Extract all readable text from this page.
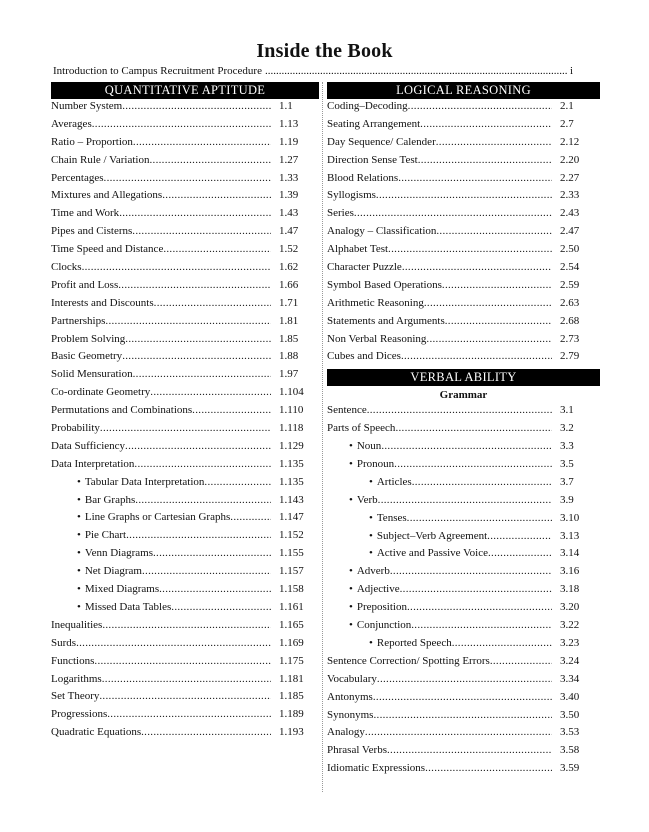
Inside the Book
Introduction to Campus Recruitment Procedure .....	i
QUANTITATIVE APTITUDE
Number System .....	1.1
Averages .....	1.13
Ratio – Proportion .....	1.19
Chain Rule / Variation .....	1.27
Percentages .....	1.33
Mixtures and Allegations .....	1.39
Time and Work .....	1.43
Pipes and Cisterns .....	1.47
Time Speed and Distance .....	1.52
Clocks .....	1.62
Profit and Loss .....	1.66
Interests and Discounts .....	1.71
Partnerships .....	1.81
Problem Solving .....	1.85
Basic Geometry .....	1.88
Solid Mensuration .....	1.97
Co-ordinate Geometry .....	1.104
Permutations and Combinations .....	1.110
Probability .....	1.118
Data Sufficiency .....	1.129
Data Interpretation .....	1.135
• Tabular Data Interpretation .....	1.135
• Bar Graphs .....	1.143
• Line Graphs or Cartesian Graphs .....	1.147
• Pie Chart .....	1.152
• Venn Diagrams .....	1.155
• Net Diagram .....	1.157
• Mixed Diagrams .....	1.158
• Missed Data Tables .....	1.161
Inequalities .....	1.165
Surds .....	1.169
Functions .....	1.175
Logarithms .....	1.181
Set Theory .....	1.185
Progressions .....	1.189
Quadratic Equations .....	1.193
LOGICAL REASONING
Coding–Decoding .....	2.1
Seating Arrangement .....	2.7
Day Sequence/ Calender .....	2.12
Direction Sense Test .....	2.20
Blood Relations .....	2.27
Syllogisms .....	2.33
Series .....	2.43
Analogy – Classification .....	2.47
Alphabet Test .....	2.50
Character Puzzle .....	2.54
Symbol Based Operations .....	2.59
Arithmetic Reasoning .....	2.63
Statements and Arguments .....	2.68
Non Verbal Reasoning .....	2.73
Cubes and Dices .....	2.79
VERBAL ABILITY
Grammar
Sentence .....	3.1
Parts of Speech .....	3.2
• Noun .....	3.3
• Pronoun .....	3.5
• Articles .....	3.7
• Verb .....	3.9
• Tenses .....	3.10
• Subject–Verb Agreement .....	3.13
• Active and Passive Voice .....	3.14
• Adverb .....	3.16
• Adjective .....	3.18
• Preposition .....	3.20
• Conjunction .....	3.22
• Reported Speech .....	3.23
Sentence Correction/ Spotting Errors .....	3.24
Vocabulary .....	3.34
Antonyms .....	3.40
Synonyms .....	3.50
Analogy .....	3.53
Phrasal Verbs .....	3.58
Idiomatic Expressions .....	3.59
